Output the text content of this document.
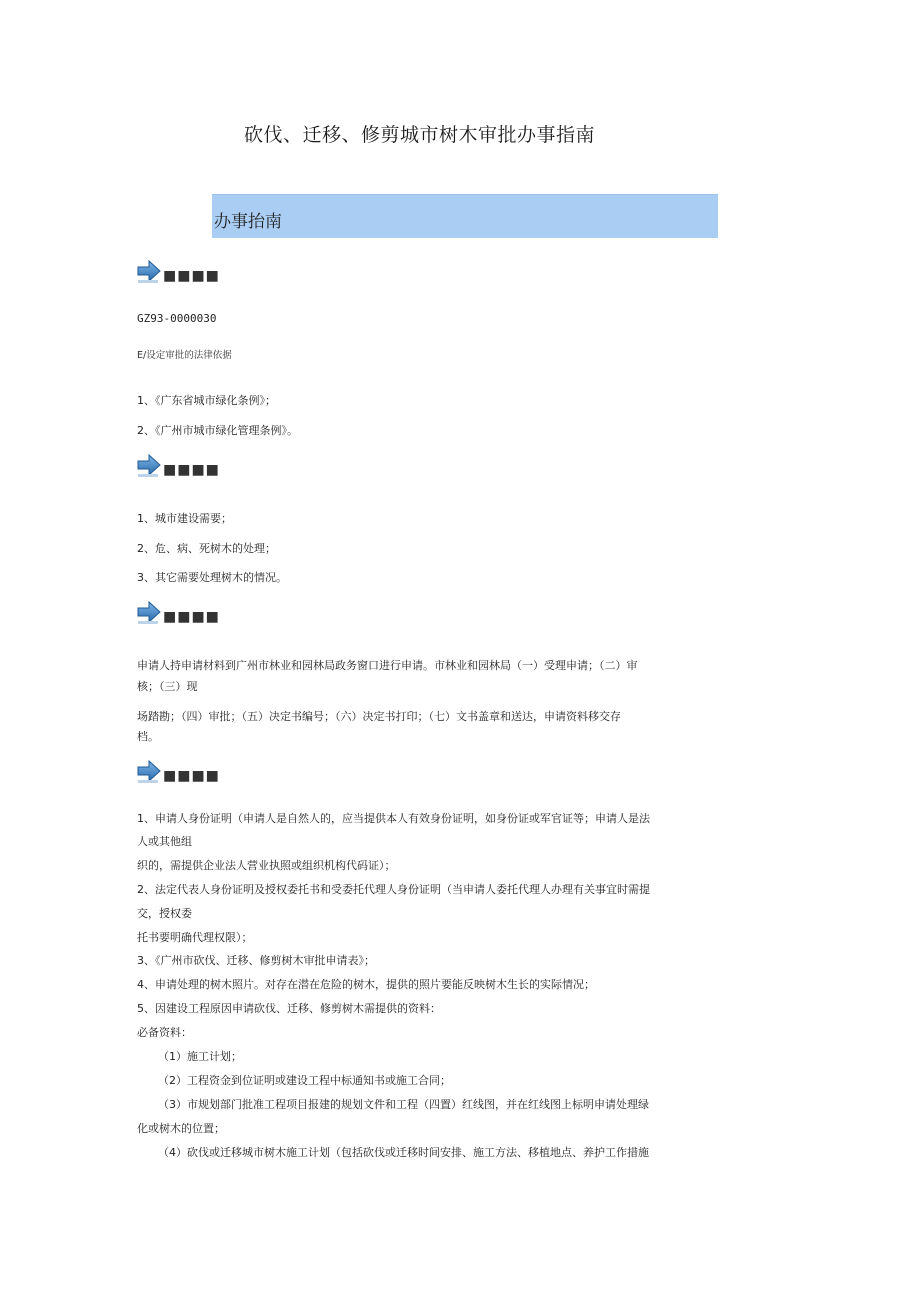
砍伐、迁移、修剪城市树木审批办事指南
办事抬南
■■■■
GZ93-0000030
E/设定审批的法律依据
1、《广东省城市绿化条例》；
2、《广州市城市绿化管理条例》。
■■■■
1、城市建设需要；
2、危、病、死树木的处理；
3、其它需要处理树木的情况。
■■■■
申请人持申请材料到广州市林业和园林局政务窗口进行申请。市林业和园林局（一）受理申请；（二）审
核；（三）现
场踏勘；（四）审批；（五）决定书编号；（六）决定书打印；（七）文书盖章和送达，申请资料移交存
档。
■■■■
1、申请人身份证明（申请人是自然人的，应当提供本人有效身份证明，如身份证或军官证等；申请人是法
人或其他组
织的，需提供企业法人营业执照或组织机构代码证）；
2、法定代表人身份证明及授权委托书和受委托代理人身份证明（当申请人委托代理人办理有关事宜时需提
交，授权委
托书要明确代理权限）；
3、《广州市砍伐、迁移、修剪树木审批申请表》；
4、申请处理的树木照片。对存在潜在危险的树木，提供的照片要能反映树木生长的实际情况；
5、因建设工程原因申请砍伐、迁移、修剪树木需提供的资料：
必备资料：
（1）施工计划；
（2）工程资金到位证明或建设工程中标通知书或施工合同；
（3）市规划部门批准工程项目报建的规划文件和工程（四置）红线图，并在红线图上标明申请处理绿
化或树木的位置；
（4）砍伐或迁移城市树木施工计划（包括砍伐或迁移时间安排、施工方法、移植地点、养护工作措施
